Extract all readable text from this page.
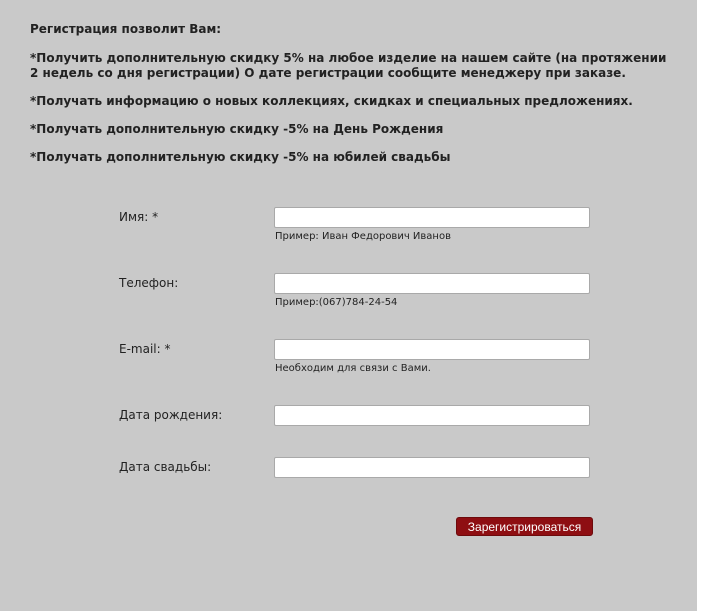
Регистрация позволит Вам:

*Получить дополнительную скидку 5% на любое изделие на нашем сайте (на протяжении 2 недель со дня регистрации) О дате регистрации сообщите менеджеру при заказе.

*Получать информацию о новых коллекциях, скидках и специальных предложениях.

*Получать дополнительную скидку -5% на День Рождения

*Получать дополнительную скидку -5% на юбилей свадьбы

Имя: *
Пример: Иван Федорович Иванов
Телефон:
Пример:(067)784-24-54
E-mail: *
Необходим для связи с Вами.
Дата рождения:
Дата свадьбы:
Зарегистрироваться
